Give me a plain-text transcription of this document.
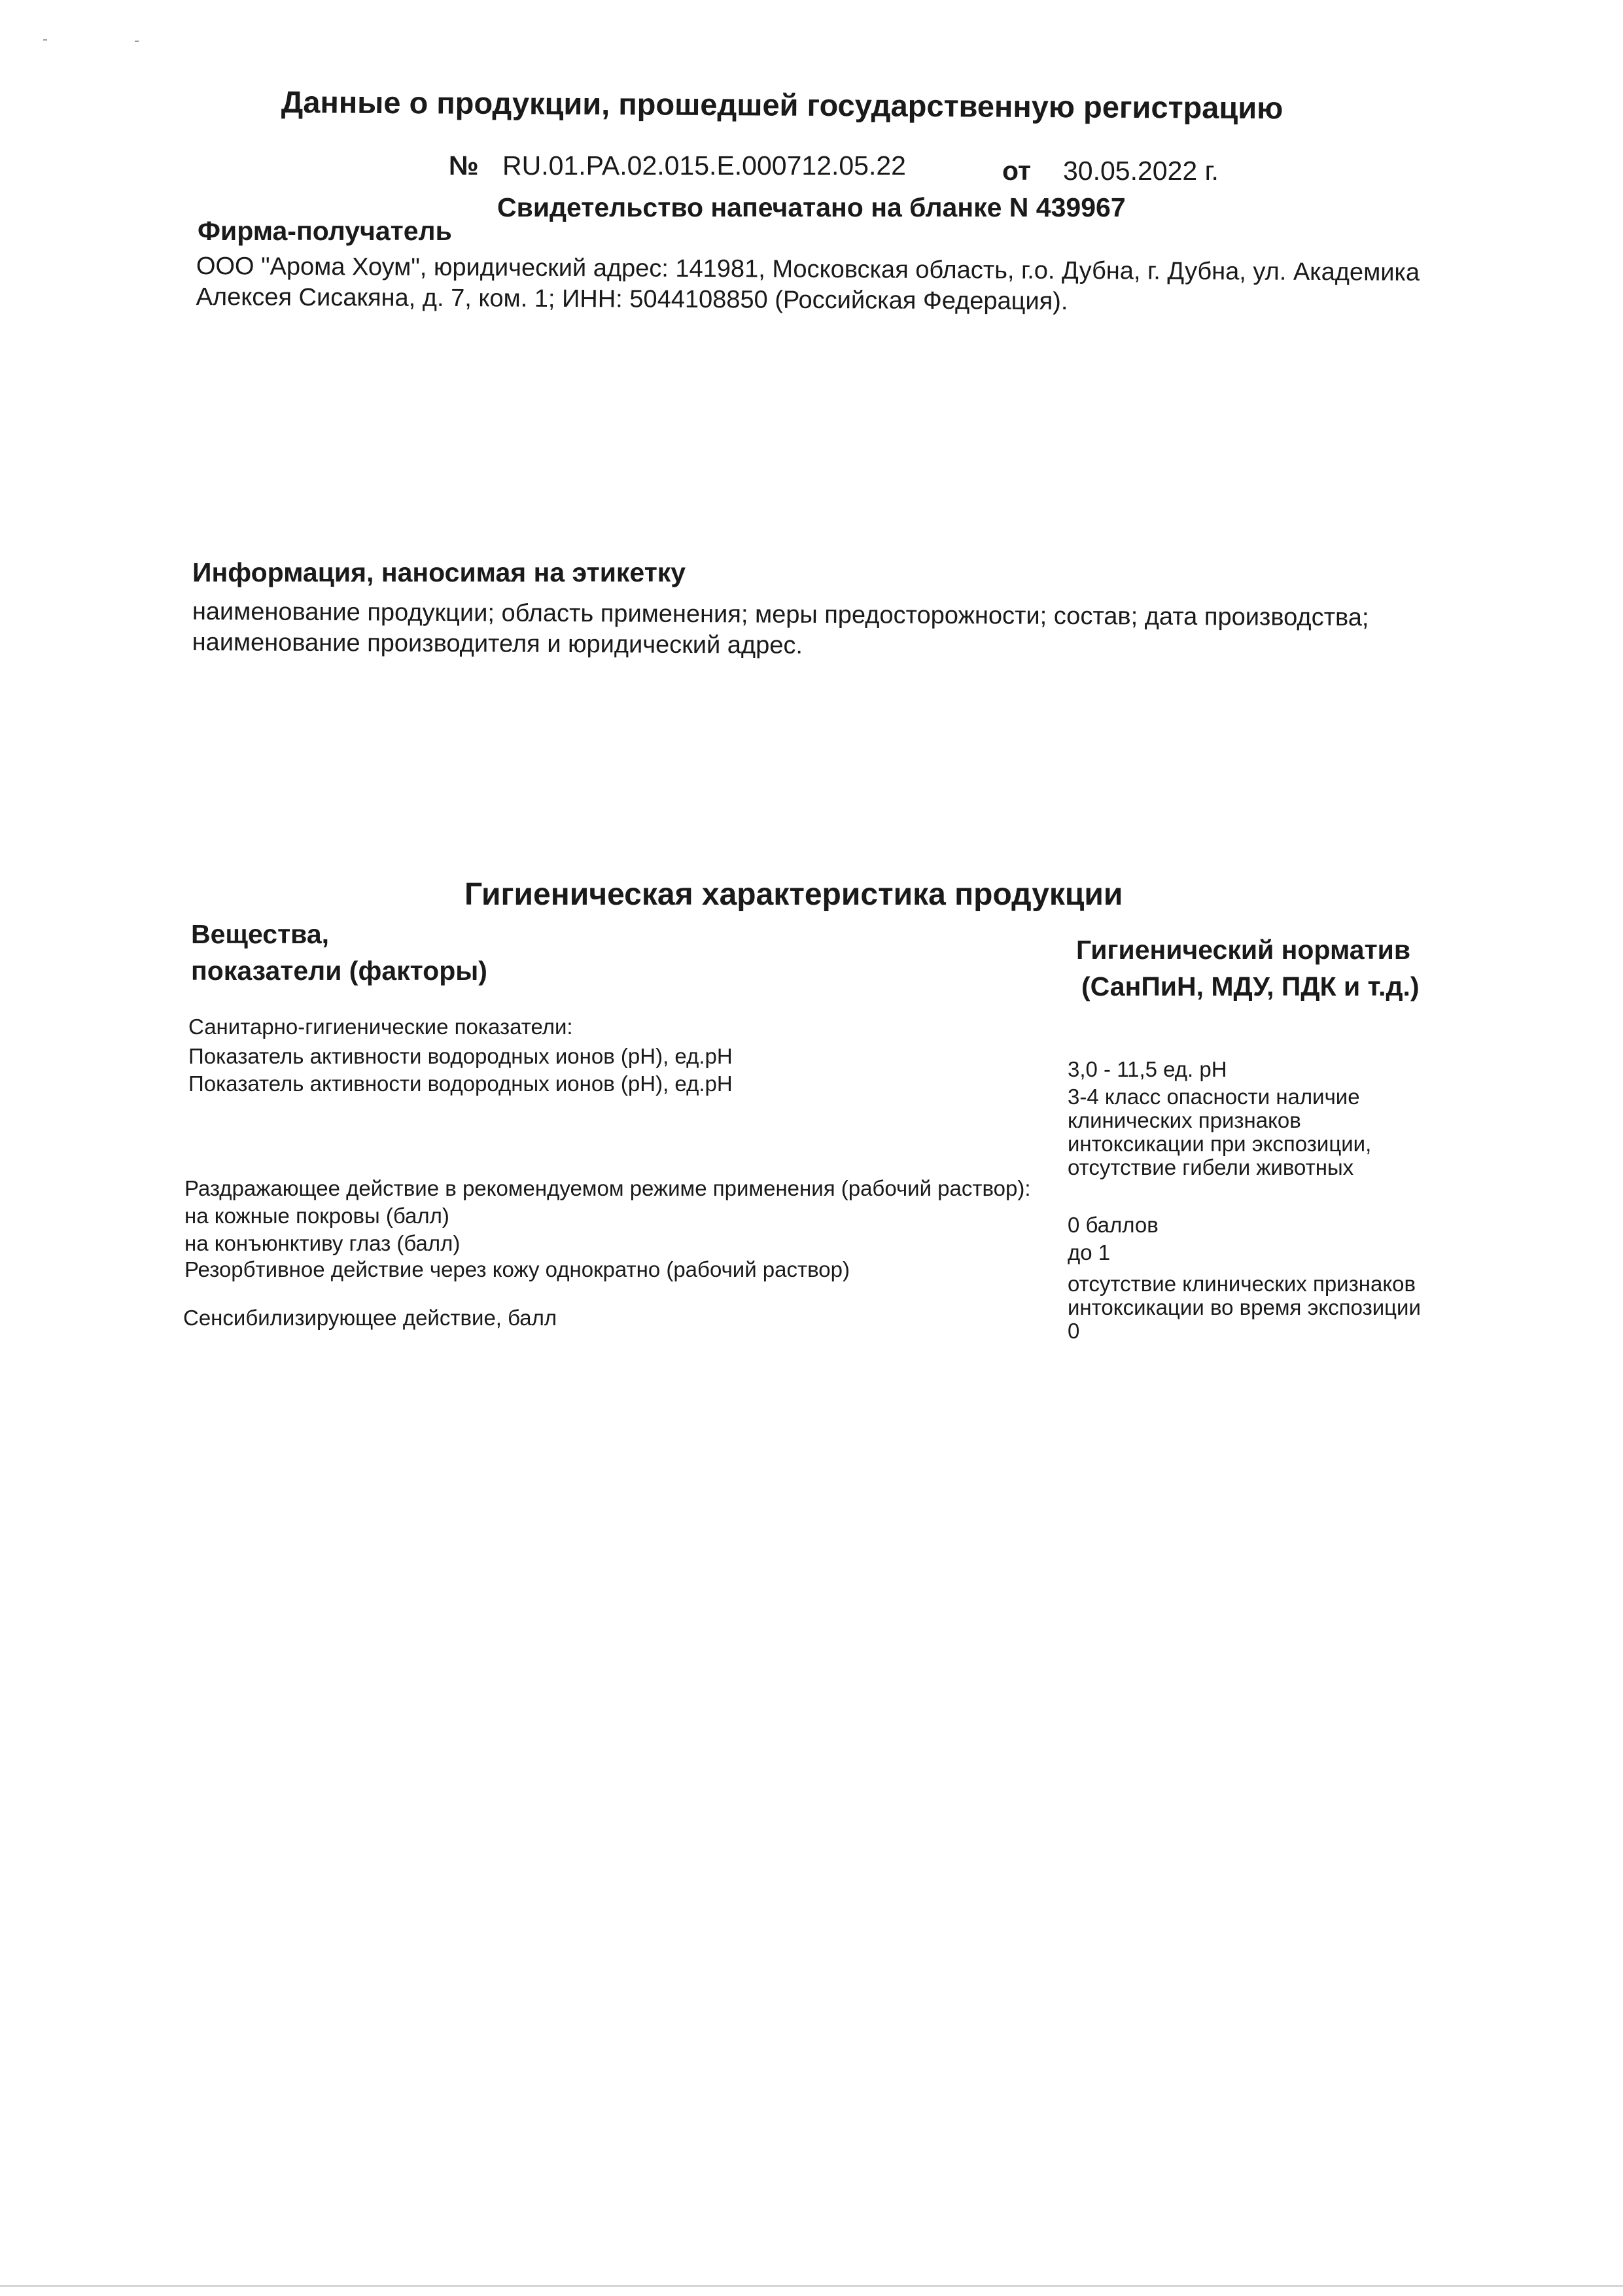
Данные о продукции, прошедшей государственную регистрацию
№ RU.01.PA.02.015.E.000712.05.22	от 30.05.2022 г.
Свидетельство напечатано на бланке N 439967
Фирма-получатель
ООО "Арома Хоум", юридический адрес: 141981, Московская область, г.о. Дубна, г. Дубна, ул. Академика
Алексея Сисакяна, д. 7, ком. 1; ИНН: 5044108850 (Российская Федерация).
Информация, наносимая на этикетку
наименование продукции; область применения; меры предосторожности; состав; дата производства;
наименование производителя и юридический адрес.
Гигиеническая характеристика продукции
Вещества,
показатели (факторы)
Гигиенический норматив
(СанПиН, МДУ, ПДК и т.д.)
Санитарно-гигиенические показатели:
Показатель активности водородных ионов (рН), ед.рН
Показатель активности водородных ионов (рН), ед.рН
Раздражающее действие в рекомендуемом режиме применения (рабочий раствор):
на кожные покровы (балл)
на конъюнктиву глаз (балл)
Резорбтивное действие через кожу однократно (рабочий раствор)
Сенсибилизирующее действие, балл
3,0 - 11,5 ед. рН
3-4 класс опасности наличие
клинических признаков
интоксикации при экспозиции,
отсутствие гибели животных
0 баллов
до 1
отсутствие клинических признаков
интоксикации во время экспозиции
0
